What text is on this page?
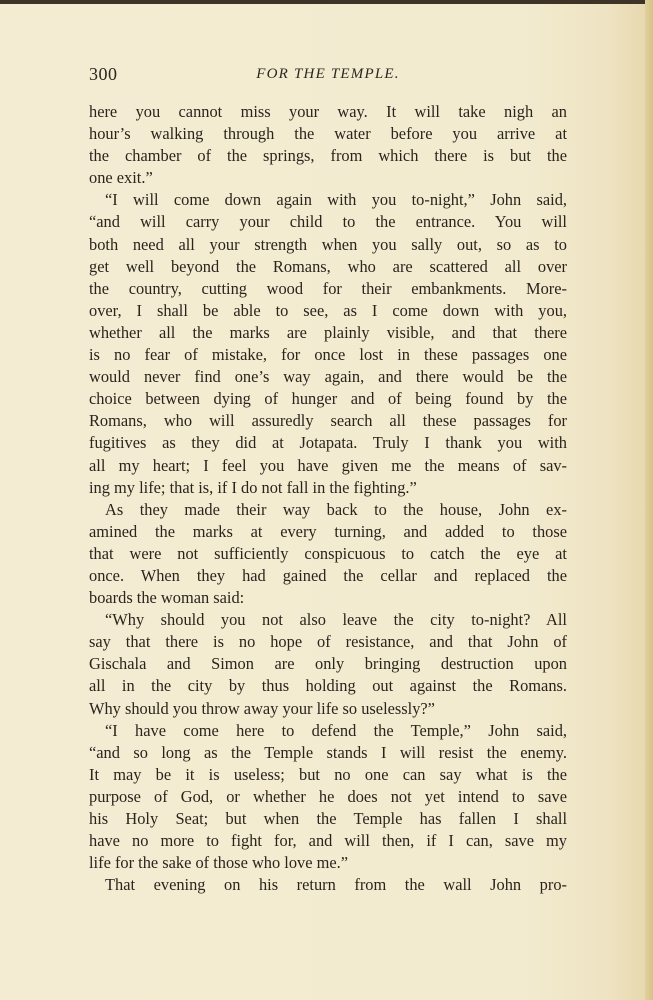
300	FOR THE TEMPLE.
here you cannot miss your way. It will take nigh an
hour’s walking through the water before you arrive at
the chamber of the springs, from which there is but the
one exit.”
“I will come down again with you to-night,” John said,
“and will carry your child to the entrance. You will
both need all your strength when you sally out, so as to
get well beyond the Romans, who are scattered all over
the country, cutting wood for their embankments. More-
over, I shall be able to see, as I come down with you,
whether all the marks are plainly visible, and that there
is no fear of mistake, for once lost in these passages one
would never find one’s way again, and there would be the
choice between dying of hunger and of being found by the
Romans, who will assuredly search all these passages for
fugitives as they did at Jotapata. Truly I thank you with
all my heart; I feel you have given me the means of sav-
ing my life; that is, if I do not fall in the fighting.”
As they made their way back to the house, John ex-
amined the marks at every turning, and added to those
that were not sufficiently conspicuous to catch the eye at
once. When they had gained the cellar and replaced the
boards the woman said:
“Why should you not also leave the city to-night? All
say that there is no hope of resistance, and that John of
Gischala and Simon are only bringing destruction upon
all in the city by thus holding out against the Romans.
Why should you throw away your life so uselessly?”
“I have come here to defend the Temple,” John said,
“and so long as the Temple stands I will resist the enemy.
It may be it is useless; but no one can say what is the
purpose of God, or whether he does not yet intend to save
his Holy Seat; but when the Temple has fallen I shall
have no more to fight for, and will then, if I can, save my
life for the sake of those who love me.”
That evening on his return from the wall John pro-
